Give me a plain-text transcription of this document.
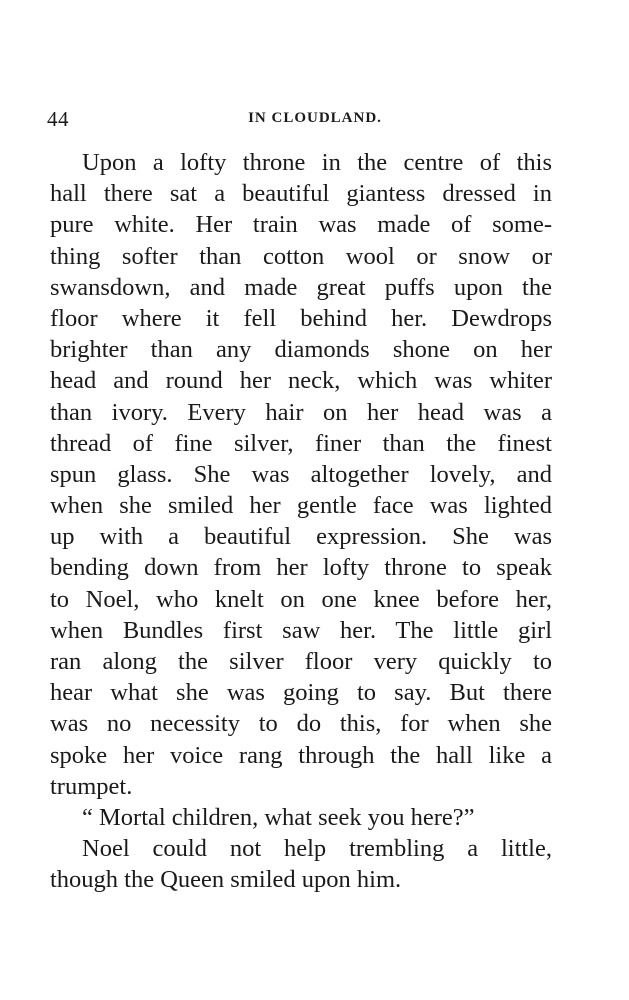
44	IN CLOUDLAND.
Upon a lofty throne in the centre of this
hall there sat a beautiful giantess dressed in
pure white. Her train was made of some-
thing softer than cotton wool or snow or
swansdown, and made great puffs upon the
floor where it fell behind her. Dewdrops
brighter than any diamonds shone on her
head and round her neck, which was whiter
than ivory. Every hair on her head was a
thread of fine silver, finer than the finest
spun glass. She was altogether lovely, and
when she smiled her gentle face was lighted
up with a beautiful expression. She was
bending down from her lofty throne to speak
to Noel, who knelt on one knee before her,
when Bundles first saw her. The little girl
ran along the silver floor very quickly to
hear what she was going to say. But there
was no necessity to do this, for when she
spoke her voice rang through the hall like a
trumpet.
“ Mortal children, what seek you here?”
Noel could not help trembling a little,
though the Queen smiled upon him.
